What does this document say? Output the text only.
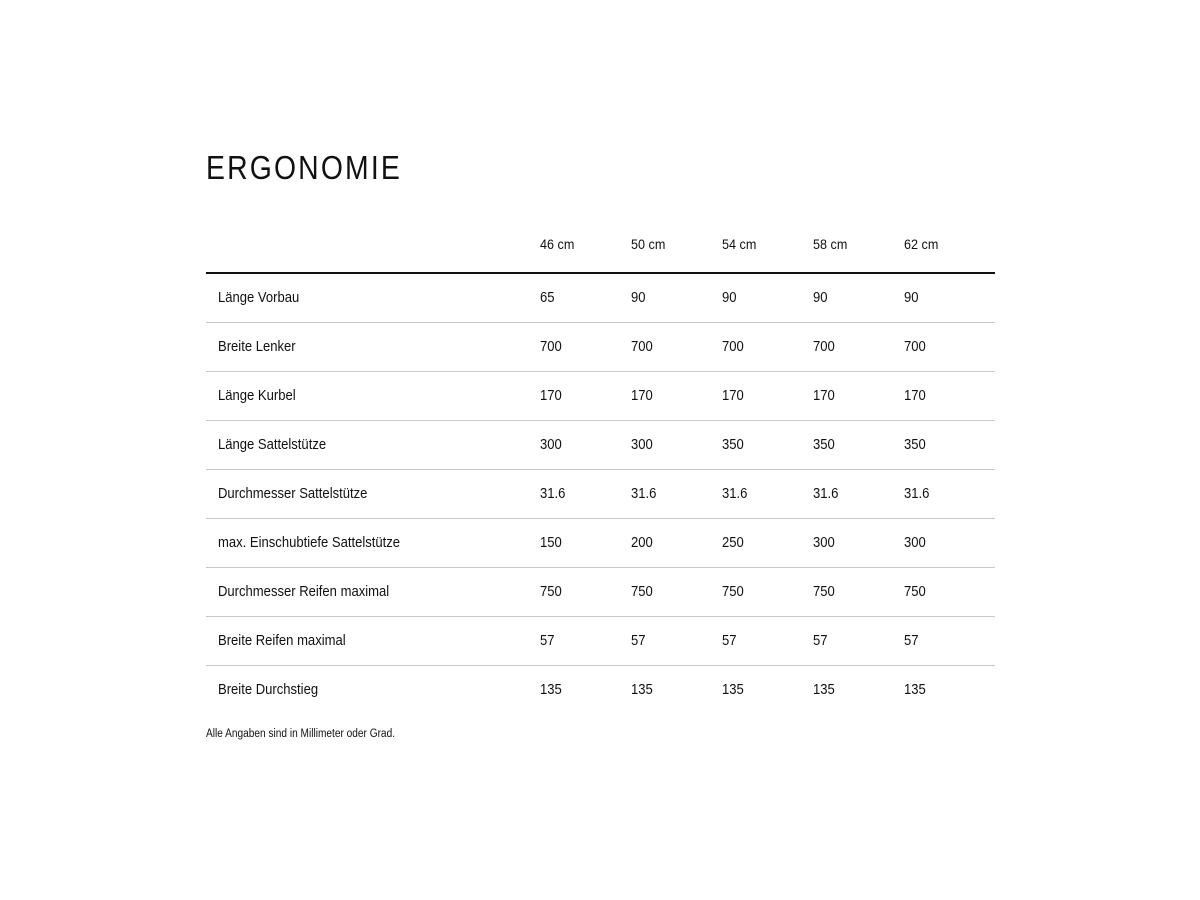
ERGONOMIE
	46 cm	50 cm	54 cm	58 cm	62 cm
Länge Vorbau	65	90	90	90	90
Breite Lenker	700	700	700	700	700
Länge Kurbel	170	170	170	170	170
Länge Sattelstütze	300	300	350	350	350
Durchmesser Sattelstütze	31.6	31.6	31.6	31.6	31.6
max. Einschubtiefe Sattelstütze	150	200	250	300	300
Durchmesser Reifen maximal	750	750	750	750	750
Breite Reifen maximal	57	57	57	57	57
Breite Durchstieg	135	135	135	135	135
Alle Angaben sind in Millimeter oder Grad.
